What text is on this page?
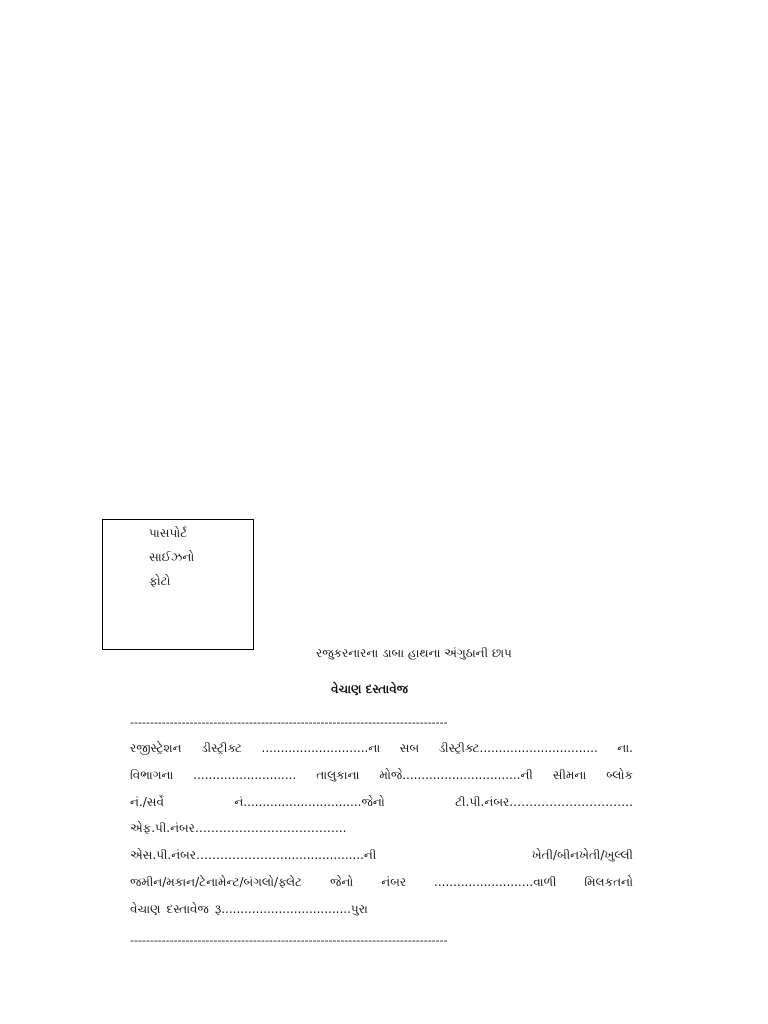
પાસપોર્ટ
સાઈઝનો
ફોટો
રજુકરનારના ડાબા હાથના અંગુઠાની છાપ
વેચાણ દસ્તાવેજ
--------------------------------------------------------------------------------
રજીસ્ટ્રેશન ડીસ્ટ્રીક્ટ ............................ના સબ ડીસ્ટ્રીક્ટ............................... ના.
વિભાગના ........................... તાલુકાના મોજે...............................ની સીમના બ્લોક
નં./સર્વે	નં...............................જેનો	ટી.પી.નંબર………………………….
એફ.પી.નંબર………………………………..
એસ.પી.નંબર…………………......................ની	ખેતી/બીનખેતી/ખુલ્લી
જમીન/મકાન/ટેનામેન્ટ/બંગલો/ફ્લેટ જેનો નંબર ..........................વાળી મિલકતનો
વેચાણ દસ્તાવેજ રૂ..................................પુરા
--------------------------------------------------------------------------------
